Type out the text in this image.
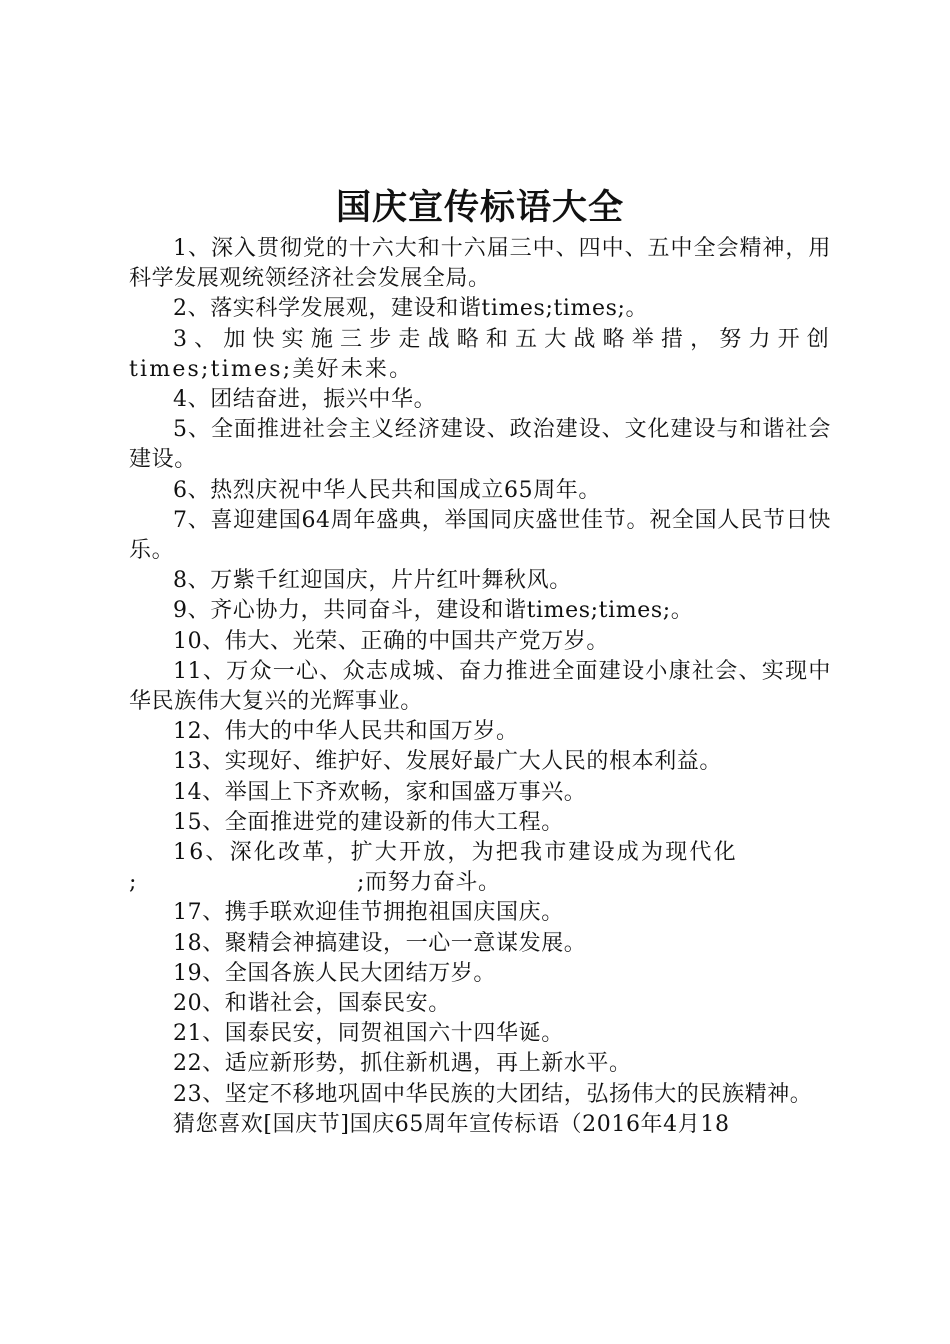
国庆宣传标语大全

1、深入贯彻党的十六大和十六届三中、四中、五中全会精神，用科学发展观统领经济社会发展全局。

2、落实科学发展观，建设和谐times;times;。

3、加快实施三步走战略和五大战略举措，努力开创times;times;美好未来。

4、团结奋进，振兴中华。

5、全面推进社会主义经济建设、政治建设、文化建设与和谐社会建设。

6、热烈庆祝中华人民共和国成立65周年。

7、喜迎建国64周年盛典，举国同庆盛世佳节。祝全国人民节日快乐。

8、万紫千红迎国庆，片片红叶舞秋风。

9、齐心协力，共同奋斗，建设和谐times;times;。

10、伟大、光荣、正确的中国共产党万岁。

11、万众一心、众志成城、奋力推进全面建设小康社会、实现中华民族伟大复兴的光辉事业。

12、伟大的中华人民共和国万岁。

13、实现好、维护好、发展好最广大人民的根本利益。

14、举国上下齐欢畅，家和国盛万事兴。

15、全面推进党的建设新的伟大工程。

16、深化改革，扩大开放，为把我市建设成为现代化

;	;而努力奋斗。

17、携手联欢迎佳节拥抱祖国庆国庆。

18、聚精会神搞建设，一心一意谋发展。

19、全国各族人民大团结万岁。

20、和谐社会，国泰民安。

21、国泰民安，同贺祖国六十四华诞。

22、适应新形势，抓住新机遇，再上新水平。

23、坚定不移地巩固中华民族的大团结，弘扬伟大的民族精神。

猜您喜欢[国庆节]国庆65周年宣传标语（2016年4月18
